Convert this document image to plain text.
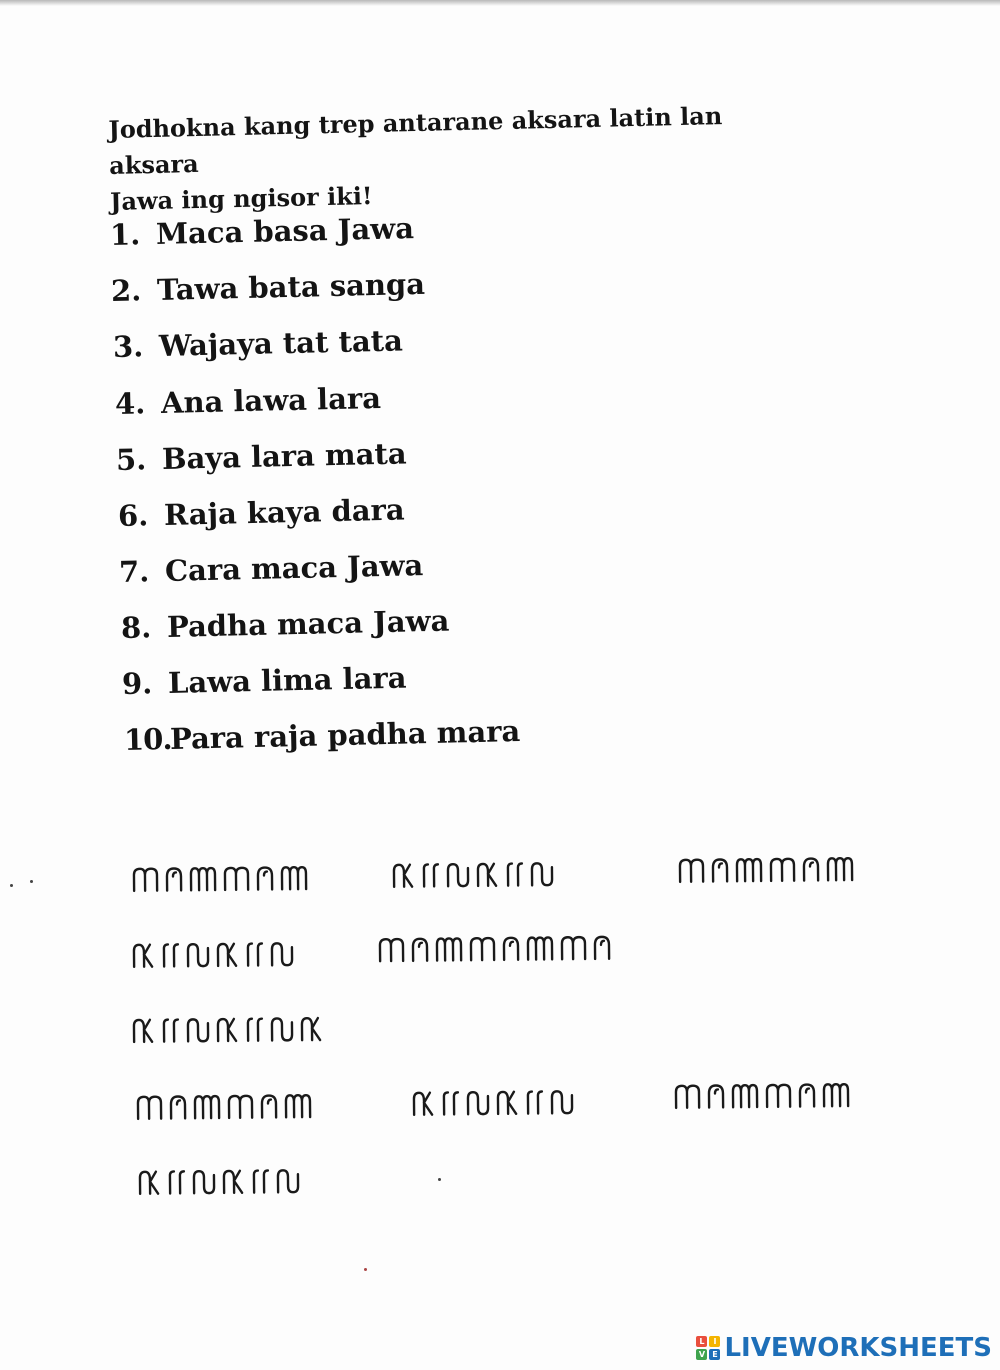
Jodhokna kang trep antarane aksara latin lan aksara
Jawa ing ngisor iki!
1. Maca basa Jawa
2. Tawa bata sanga
3. Wajaya tat tata
4. Ana lawa lara
5. Baya lara mata
6. Raja kaya dara
7. Cara maca Jawa
8. Padha maca Jawa
9. Lawa lima lara
10.Para raja padha mara
L	I
V E LIVEWORKSHEETS
